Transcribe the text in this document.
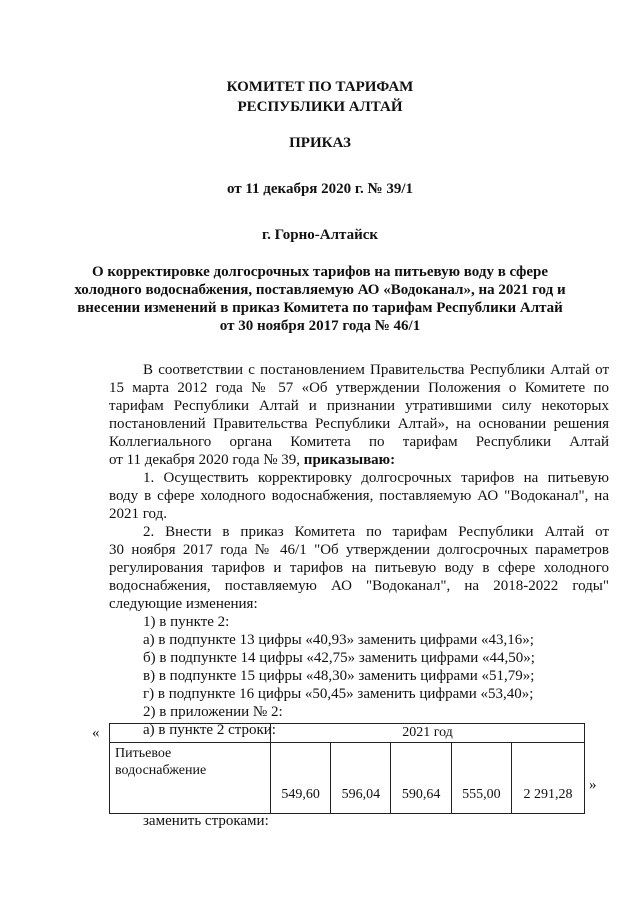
КОМИТЕТ ПО ТАРИФАМ
РЕСПУБЛИКИ АЛТАЙ
ПРИКАЗ
от 11 декабря 2020 г. № 39/1
г. Горно-Алтайск
О корректировке долгосрочных тарифов на питьевую воду в сфере
холодного водоснабжения, поставляемую АО «Водоканал», на 2021 год и
внесении изменений в приказ Комитета по тарифам Республики Алтай
от 30 ноября 2017 года № 46/1
В соответствии с постановлением Правительства Республики Алтай от
15 марта 2012 года № 57 «Об утверждении Положения о Комитете по
тарифам Республики Алтай и признании утратившими силу некоторых
постановлений Правительства Республики Алтай», на основании решения
Коллегиального органа Комитета по тарифам Республики Алтай
от 11 декабря 2020 года № 39, приказываю:
1. Осуществить корректировку долгосрочных тарифов на питьевую
воду в сфере холодного водоснабжения, поставляемую АО "Водоканал", на
2021 год.
2. Внести в приказ Комитета по тарифам Республики Алтай от
30 ноября 2017 года № 46/1 "Об утверждении долгосрочных параметров
регулирования тарифов и тарифов на питьевую воду в сфере холодного
водоснабжения, поставляемую АО "Водоканал", на 2018-2022 годы"
следующие изменения:
1) в пункте 2:
а) в подпункте 13 цифры «40,93» заменить цифрами «43,16»;
б) в подпункте 14 цифры «42,75» заменить цифрами «44,50»;
в) в подпункте 15 цифры «48,30» заменить цифрами «51,79»;
г) в подпункте 16 цифры «50,45» заменить цифрами «53,40»;
2) в приложении № 2:
а) в пункте 2 строки:
«
»
	2021 год				
Питьевое водоснабжение	549,60	596,04	590,64	555,00	2 291,28
заменить строками:
